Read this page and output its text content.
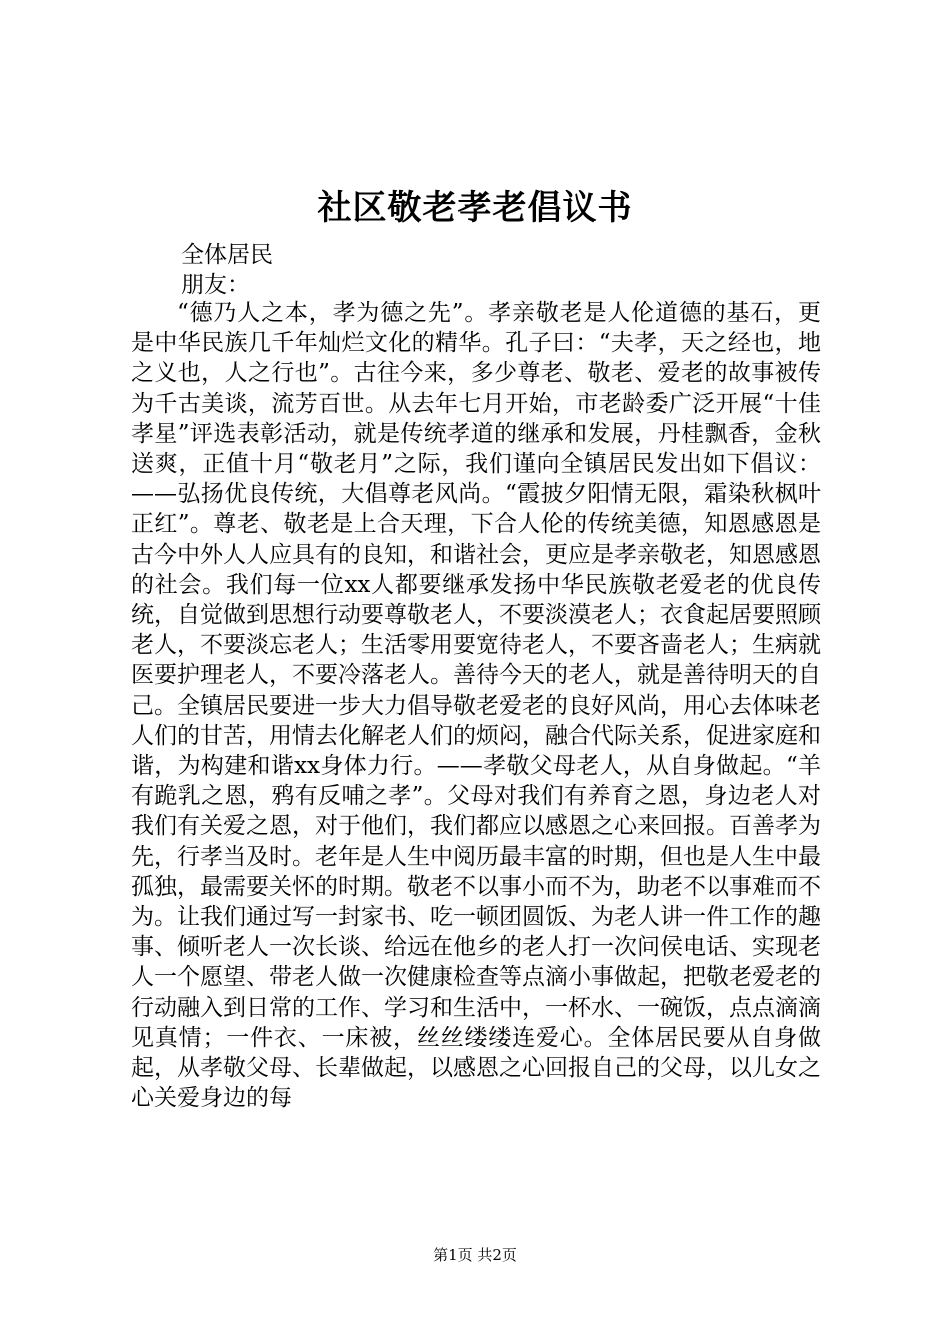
社区敬老孝老倡议书
全体居民
朋友：
“德乃人之本，孝为德之先”。孝亲敬老是人伦道德的基石，更是中华民族几千年灿烂文化的精华。孔子曰：“夫孝，天之经也，地之义也，人之行也”。古往今来，多少尊老、敬老、爱老的故事被传为千古美谈，流芳百世。从去年七月开始，市老龄委广泛开展“十佳孝星”评选表彰活动，就是传统孝道的继承和发展，丹桂飘香，金秋送爽，正值十月“敬老月”之际，我们谨向全镇居民发出如下倡议：——弘扬优良传统，大倡尊老风尚。“霞披夕阳情无限，霜染秋枫叶正红”。尊老、敬老是上合天理，下合人伦的传统美德，知恩感恩是古今中外人人应具有的良知，和谐社会，更应是孝亲敬老，知恩感恩的社会。我们每一位xx人都要继承发扬中华民族敬老爱老的优良传统，自觉做到思想行动要尊敬老人，不要淡漠老人；衣食起居要照顾老人，不要淡忘老人；生活零用要宽待老人，不要吝啬老人；生病就医要护理老人，不要冷落老人。善待今天的老人，就是善待明天的自己。全镇居民要进一步大力倡导敬老爱老的良好风尚，用心去体味老人们的甘苦，用情去化解老人们的烦闷，融合代际关系，促进家庭和谐，为构建和谐xx身体力行。——孝敬父母老人，从自身做起。“羊有跪乳之恩，鸦有反哺之孝”。父母对我们有养育之恩，身边老人对我们有关爱之恩，对于他们，我们都应以感恩之心来回报。百善孝为先，行孝当及时。老年是人生中阅历最丰富的时期，但也是人生中最孤独，最需要关怀的时期。敬老不以事小而不为，助老不以事难而不为。让我们通过写一封家书、吃一顿团圆饭、为老人讲一件工作的趣事、倾听老人一次长谈、给远在他乡的老人打一次问侯电话、实现老人一个愿望、带老人做一次健康检查等点滴小事做起，把敬老爱老的行动融入到日常的工作、学习和生活中，一杯水、一碗饭，点点滴滴见真情；一件衣、一床被，丝丝缕缕连爱心。全体居民要从自身做起，从孝敬父母、长辈做起，以感恩之心回报自己的父母，以儿女之心关爱身边的每
第1页 共2页
